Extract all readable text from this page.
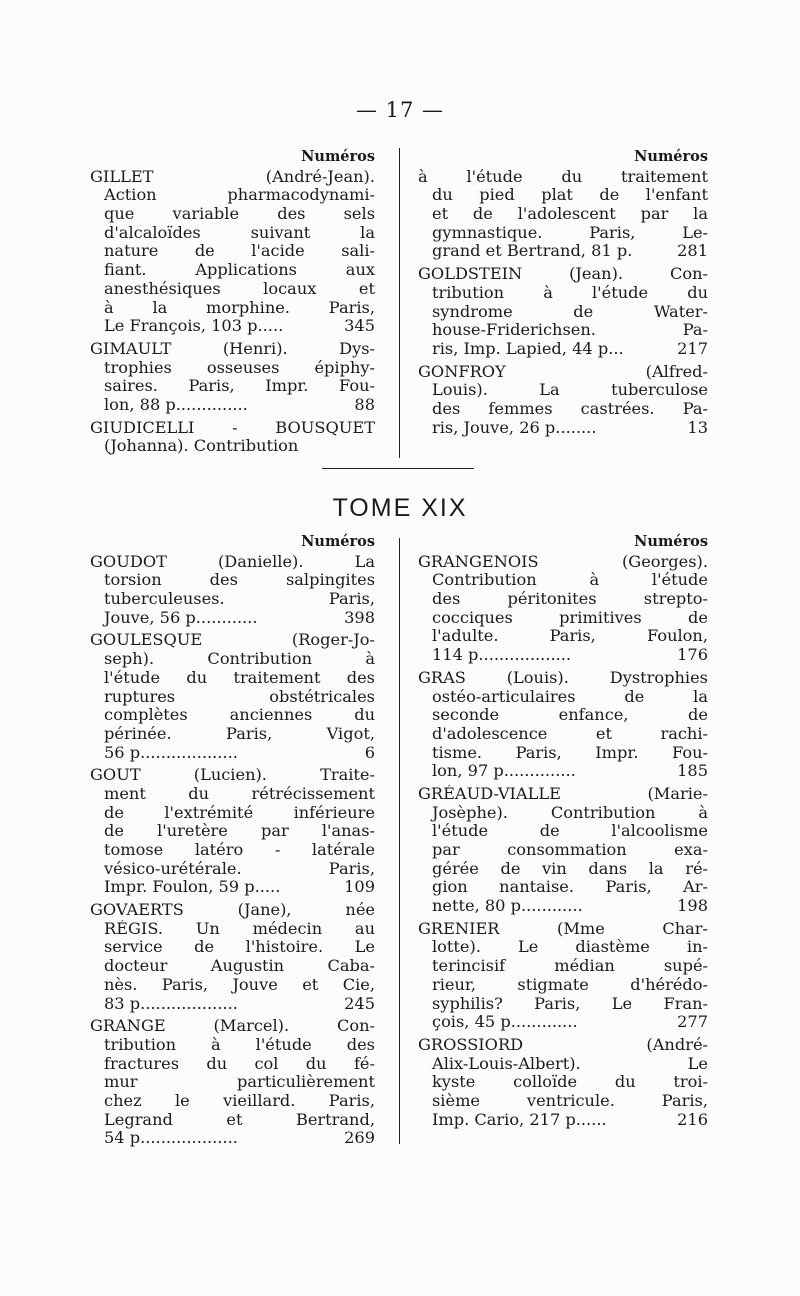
— 17 —
TOME XIX
Numéros
GILLET (André-Jean).
Action pharmacodynami-
que variable des sels
d'alcaloïdes suivant la
nature de l'acide sali-
fiant. Applications aux
anesthésiques locaux et
à la morphine. Paris,
Le François, 103 p.....	345
GIMAULT (Henri). Dys-
trophies osseuses épiphy-
saires. Paris, Impr. Fou-
lon, 88 p..............	88
GIUDICELLI - BOUSQUET
(Johanna). Contribution
Numéros
à l'étude du traitement
du pied plat de l'enfant
et de l'adolescent par la
gymnastique. Paris, Le-
grand et Bertrand, 81 p.	281
GOLDSTEIN (Jean). Con-
tribution à l'étude du
syndrome de Water-
house-Friderichsen. Pa-
ris, Imp. Lapied, 44 p...	217
GONFROY (Alfred-
Louis). La tuberculose
des femmes castrées. Pa-
ris, Jouve, 26 p........	13
Numéros
GOUDOT (Danielle). La
torsion des salpingites
tuberculeuses. Paris,
Jouve, 56 p............	398
GOULESQUE (Roger-Jo-
seph). Contribution à
l'étude du traitement des
ruptures obstétricales
complètes anciennes du
périnée. Paris, Vigot,
56 p...................	6
GOUT (Lucien). Traite-
ment du rétrécissement
de l'extrémité inférieure
de l'uretère par l'anas-
tomose latéro - latérale
vésico-urétérale. Paris,
Impr. Foulon, 59 p.....	109
GOVAERTS (Jane), née
RÉGIS. Un médecin au
service de l'histoire. Le
docteur Augustin Caba-
nès. Paris, Jouve et Cie,
83 p...................	245
GRANGE (Marcel). Con-
tribution à l'étude des
fractures du col du fé-
mur particulièrement
chez le vieillard. Paris,
Legrand et Bertrand,
54 p...................	269
Numéros
GRANGENOIS (Georges).
Contribution à l'étude
des péritonites strepto-
cocciques primitives de
l'adulte. Paris, Foulon,
114 p..................	176
GRAS (Louis). Dystrophies
ostéo-articulaires de la
seconde enfance, de
d'adolescence et rachi-
tisme. Paris, Impr. Fou-
lon, 97 p..............	185
GRÉAUD-VIALLE (Marie-
Josèphe). Contribution à
l'étude de l'alcoolisme
par consommation exa-
gérée de vin dans la ré-
gion nantaise. Paris, Ar-
nette, 80 p............	198
GRENIER (Mme Char-
lotte). Le diastème in-
terincisif médian supé-
rieur, stigmate d'hérédo-
syphilis? Paris, Le Fran-
çois, 45 p.............	277
GROSSIORD (André-
Alix-Louis-Albert). Le
kyste colloïde du troi-
sième ventricule. Paris,
Imp. Cario, 217 p......	216
